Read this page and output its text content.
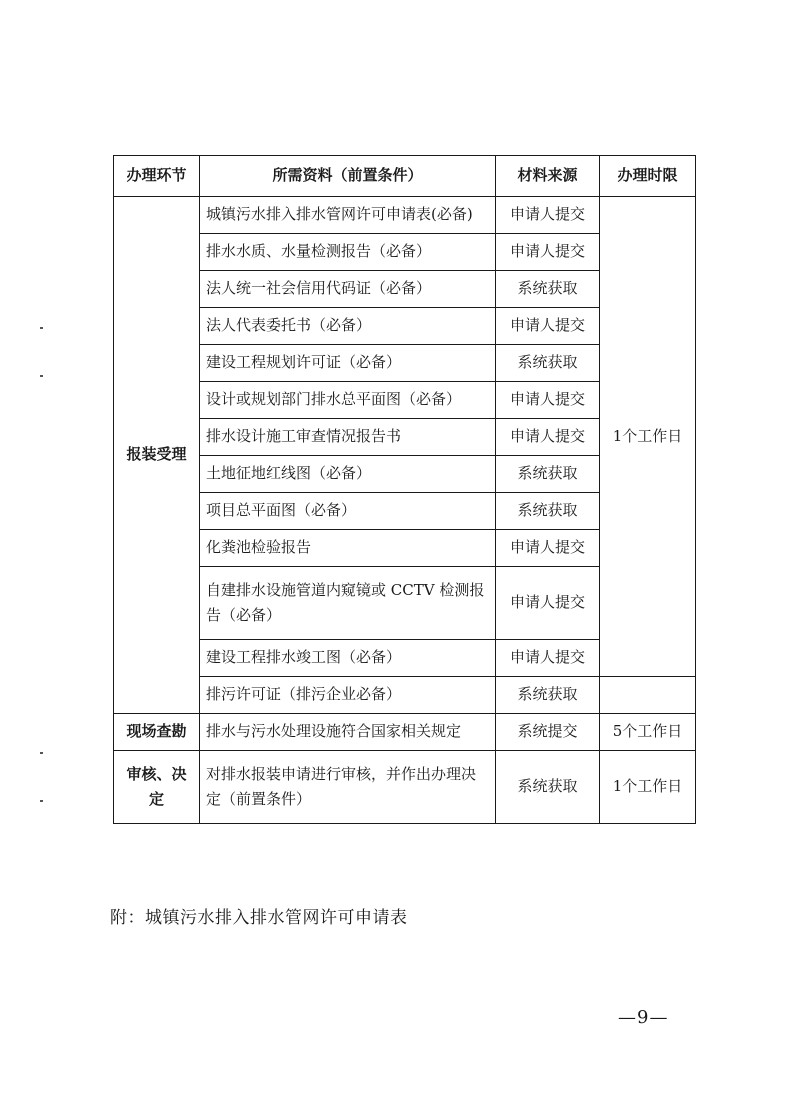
办理环节	所需资料（前置条件）	材料来源	办理时限
报装受理	城镇污水排入排水管网许可申请表(必备)	申请人提交	1个工作日
	排水水质、水量检测报告（必备）	申请人提交	
	法人统一社会信用代码证（必备）	系统获取	
	法人代表委托书（必备）	申请人提交	
	建设工程规划许可证（必备）	系统获取	
	设计或规划部门排水总平面图（必备）	申请人提交	
	排水设计施工审查情况报告书	申请人提交	
	土地征地红线图（必备）	系统获取	
	项目总平面图（必备）	系统获取	
	化粪池检验报告	申请人提交	
	自建排水设施管道内窥镜或 CCTV 检测报告（必备）	申请人提交	
	建设工程排水竣工图（必备）	申请人提交	
	排污许可证（排污企业必备）	系统获取	
现场查勘	排水与污水处理设施符合国家相关规定	系统提交	5个工作日
审核、决定	对排水报装申请进行审核，并作出办理决定（前置条件）	系统获取	1个工作日
附：城镇污水排入排水管网许可申请表
—9—
